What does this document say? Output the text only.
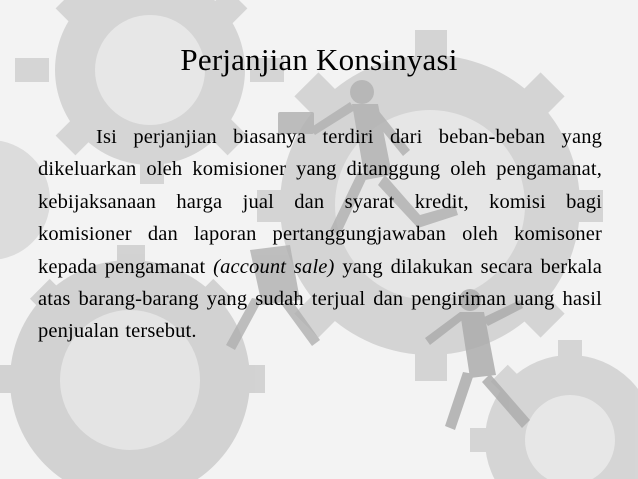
Perjanjian Konsinyasi

Isi perjanjian biasanya terdiri dari beban-beban yang dikeluarkan oleh komisioner yang ditanggung oleh pengamanat, kebijaksanaan harga jual dan syarat kredit, komisi bagi komisioner dan laporan pertanggungjawaban oleh komisoner kepada pengamanat (account sale) yang dilakukan secara berkala atas barang-barang yang sudah terjual dan pengiriman uang hasil penjualan tersebut.
